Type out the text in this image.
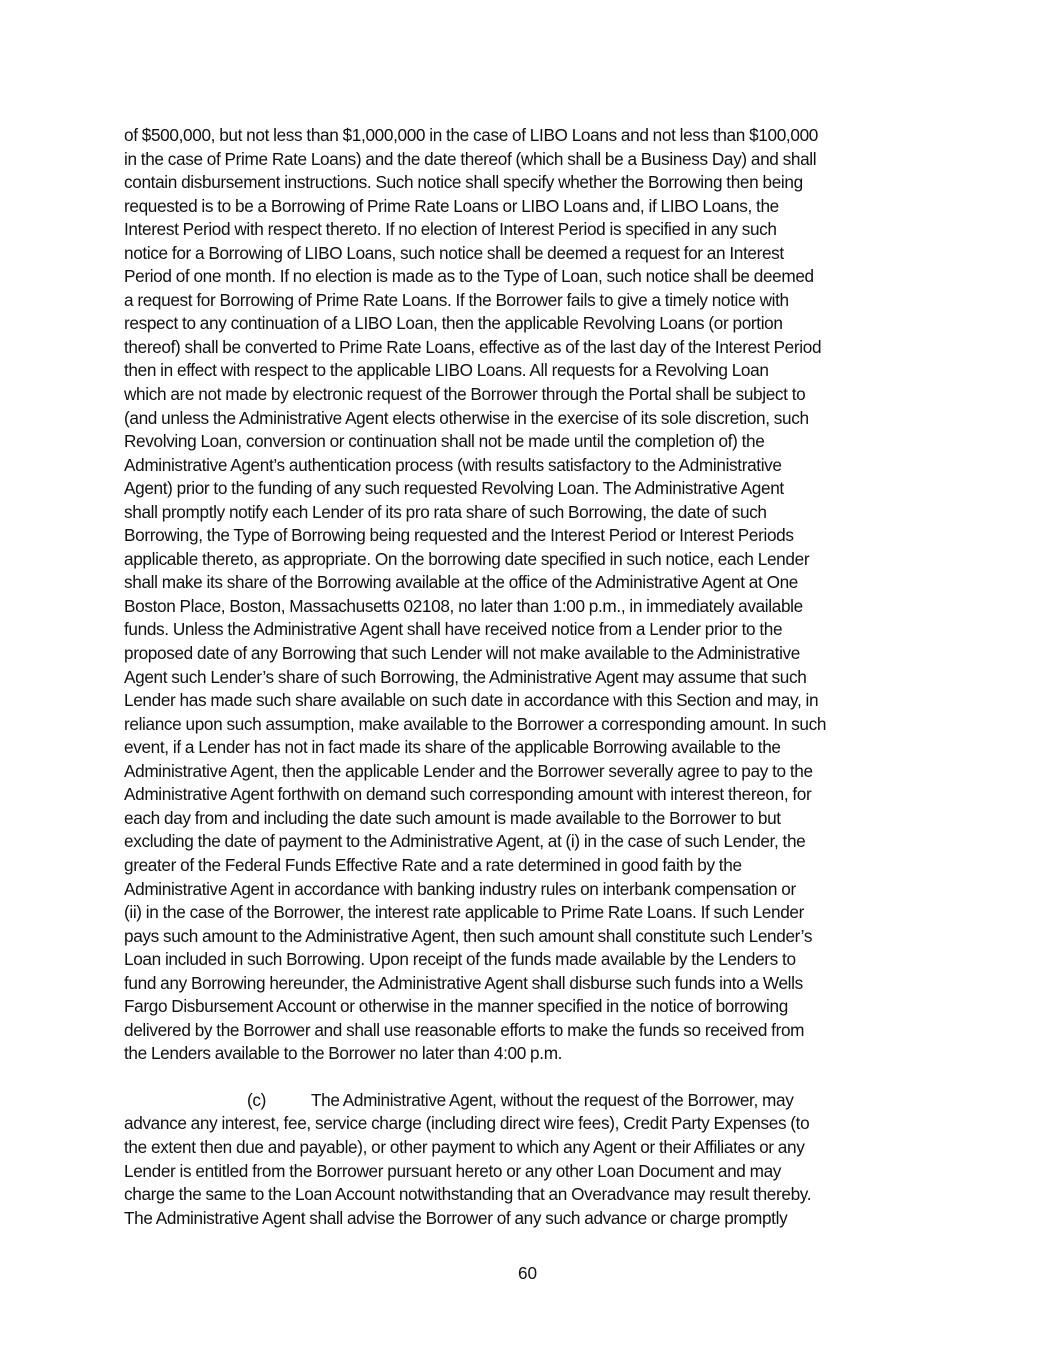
of $500,000, but not less than $1,000,000 in the case of LIBO Loans and not less than $100,000
in the case of Prime Rate Loans) and the date thereof (which shall be a Business Day) and shall
contain disbursement instructions. Such notice shall specify whether the Borrowing then being
requested is to be a Borrowing of Prime Rate Loans or LIBO Loans and, if LIBO Loans, the
Interest Period with respect thereto. If no election of Interest Period is specified in any such
notice for a Borrowing of LIBO Loans, such notice shall be deemed a request for an Interest
Period of one month. If no election is made as to the Type of Loan, such notice shall be deemed
a request for Borrowing of Prime Rate Loans. If the Borrower fails to give a timely notice with
respect to any continuation of a LIBO Loan, then the applicable Revolving Loans (or portion
thereof) shall be converted to Prime Rate Loans, effective as of the last day of the Interest Period
then in effect with respect to the applicable LIBO Loans. All requests for a Revolving Loan
which are not made by electronic request of the Borrower through the Portal shall be subject to
(and unless the Administrative Agent elects otherwise in the exercise of its sole discretion, such
Revolving Loan, conversion or continuation shall not be made until the completion of) the
Administrative Agent’s authentication process (with results satisfactory to the Administrative
Agent) prior to the funding of any such requested Revolving Loan. The Administrative Agent
shall promptly notify each Lender of its pro rata share of such Borrowing, the date of such
Borrowing, the Type of Borrowing being requested and the Interest Period or Interest Periods
applicable thereto, as appropriate. On the borrowing date specified in such notice, each Lender
shall make its share of the Borrowing available at the office of the Administrative Agent at One
Boston Place, Boston, Massachusetts 02108, no later than 1:00 p.m., in immediately available
funds. Unless the Administrative Agent shall have received notice from a Lender prior to the
proposed date of any Borrowing that such Lender will not make available to the Administrative
Agent such Lender’s share of such Borrowing, the Administrative Agent may assume that such
Lender has made such share available on such date in accordance with this Section and may, in
reliance upon such assumption, make available to the Borrower a corresponding amount. In such
event, if a Lender has not in fact made its share of the applicable Borrowing available to the
Administrative Agent, then the applicable Lender and the Borrower severally agree to pay to the
Administrative Agent forthwith on demand such corresponding amount with interest thereon, for
each day from and including the date such amount is made available to the Borrower to but
excluding the date of payment to the Administrative Agent, at (i) in the case of such Lender, the
greater of the Federal Funds Effective Rate and a rate determined in good faith by the
Administrative Agent in accordance with banking industry rules on interbank compensation or
(ii) in the case of the Borrower, the interest rate applicable to Prime Rate Loans. If such Lender
pays such amount to the Administrative Agent, then such amount shall constitute such Lender’s
Loan included in such Borrowing. Upon receipt of the funds made available by the Lenders to
fund any Borrowing hereunder, the Administrative Agent shall disburse such funds into a Wells
Fargo Disbursement Account or otherwise in the manner specified in the notice of borrowing
delivered by the Borrower and shall use reasonable efforts to make the funds so received from
the Lenders available to the Borrower no later than 4:00 p.m.
(c)	The Administrative Agent, without the request of the Borrower, may
advance any interest, fee, service charge (including direct wire fees), Credit Party Expenses (to
the extent then due and payable), or other payment to which any Agent or their Affiliates or any
Lender is entitled from the Borrower pursuant hereto or any other Loan Document and may
charge the same to the Loan Account notwithstanding that an Overadvance may result thereby.
The Administrative Agent shall advise the Borrower of any such advance or charge promptly
60
